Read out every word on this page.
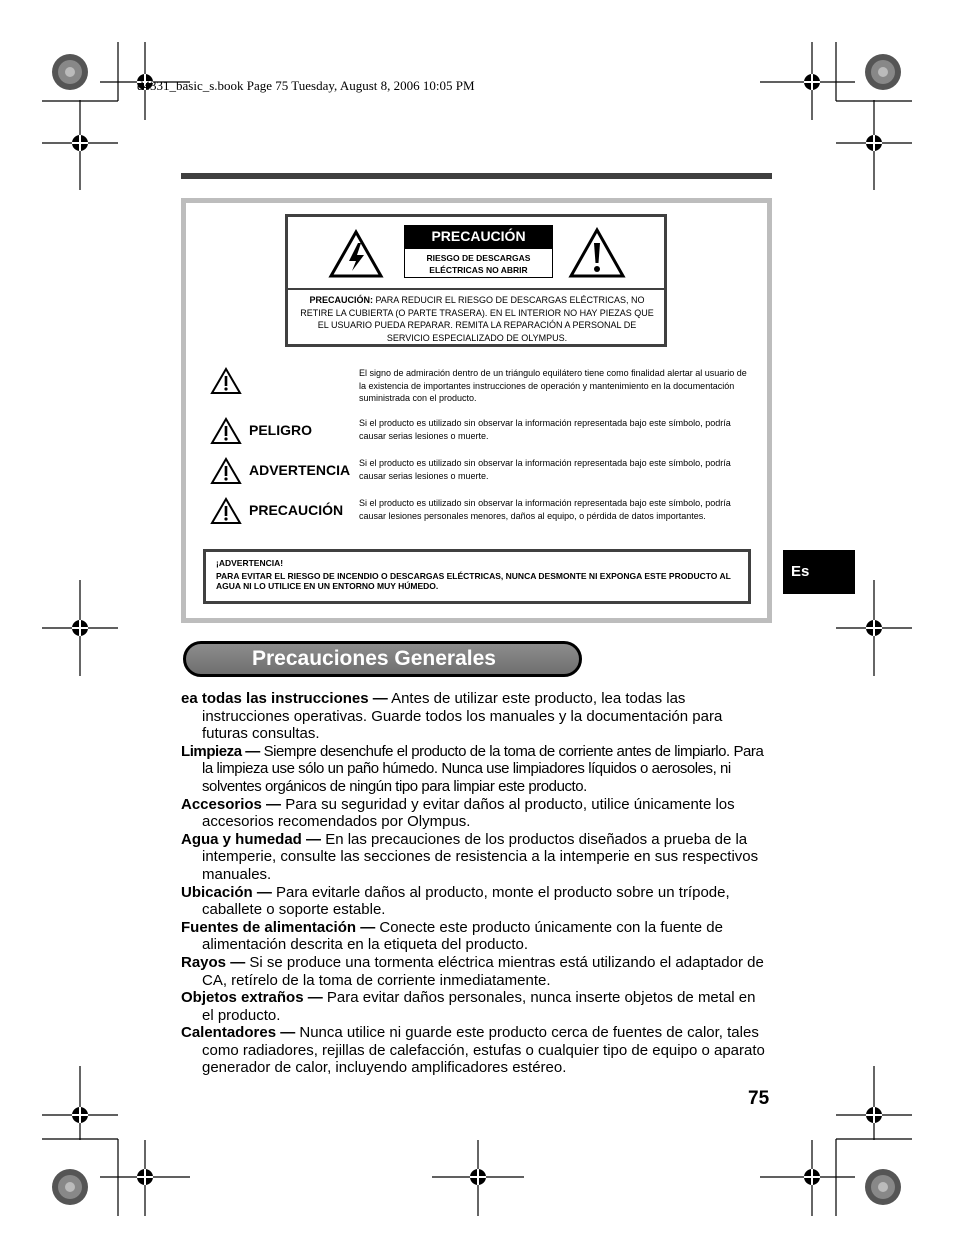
d4331_basic_s.book Page 75 Tuesday, August 8, 2006 10:05 PM
PRECAUCIÓN
RIESGO DE DESCARGAS
ELÉCTRICAS NO ABRIR
PRECAUCIÓN: PARA REDUCIR EL RIESGO DE DESCARGAS ELÉCTRICAS, NO RETIRE LA CUBIERTA (O PARTE TRASERA). EN EL INTERIOR NO HAY PIEZAS QUE EL USUARIO PUEDA REPARAR. REMITA LA REPARACIÓN A PERSONAL DE SERVICIO ESPECIALIZADO DE OLYMPUS.
El signo de admiración dentro de un triángulo equilátero tiene como finalidad alertar al usuario de la existencia de importantes instrucciones de operación y mantenimiento en la documentación suministrada con el producto.
PELIGRO	Si el producto es utilizado sin observar la información representada bajo este símbolo, podría causar serias lesiones o muerte.
ADVERTENCIA Si el producto es utilizado sin observar la información representada bajo este símbolo, podría causar serias lesiones o muerte.
PRECAUCIÓN Si el producto es utilizado sin observar la información representada bajo este símbolo, podría causar lesiones personales menores, daños al equipo, o pérdida de datos importantes.
¡ADVERTENCIA!
PARA EVITAR EL RIESGO DE INCENDIO O DESCARGAS ELÉCTRICAS, NUNCA DESMONTE NI EXPONGA ESTE PRODUCTO AL AGUA NI LO UTILICE EN UN ENTORNO MUY HÚMEDO.
Es
Precauciones Generales

ea todas las instrucciones — Antes de utilizar este producto, lea todas las instrucciones operativas. Guarde todos los manuales y la documentación para futuras consultas.

Limpieza — Siempre desenchufe el producto de la toma de corriente antes de limpiarlo. Para la limpieza use sólo un paño húmedo. Nunca use limpiadores líquidos o aerosoles, ni solventes orgánicos de ningún tipo para limpiar este producto.

Accesorios — Para su seguridad y evitar daños al producto, utilice únicamente los accesorios recomendados por Olympus.

Agua y humedad — En las precauciones de los productos diseñados a prueba de la intemperie, consulte las secciones de resistencia a la intemperie en sus respectivos manuales.

Ubicación — Para evitarle daños al producto, monte el producto sobre un trípode, caballete o soporte estable.

Fuentes de alimentación — Conecte este producto únicamente con la fuente de alimentación descrita en la etiqueta del producto.

Rayos — Si se produce una tormenta eléctrica mientras está utilizando el adaptador de CA, retírelo de la toma de corriente inmediatamente.

Objetos extraños — Para evitar daños personales, nunca inserte objetos de metal en el producto.

Calentadores — Nunca utilice ni guarde este producto cerca de fuentes de calor, tales como radiadores, rejillas de calefacción, estufas o cualquier tipo de equipo o aparato generador de calor, incluyendo amplificadores estéreo.

75
